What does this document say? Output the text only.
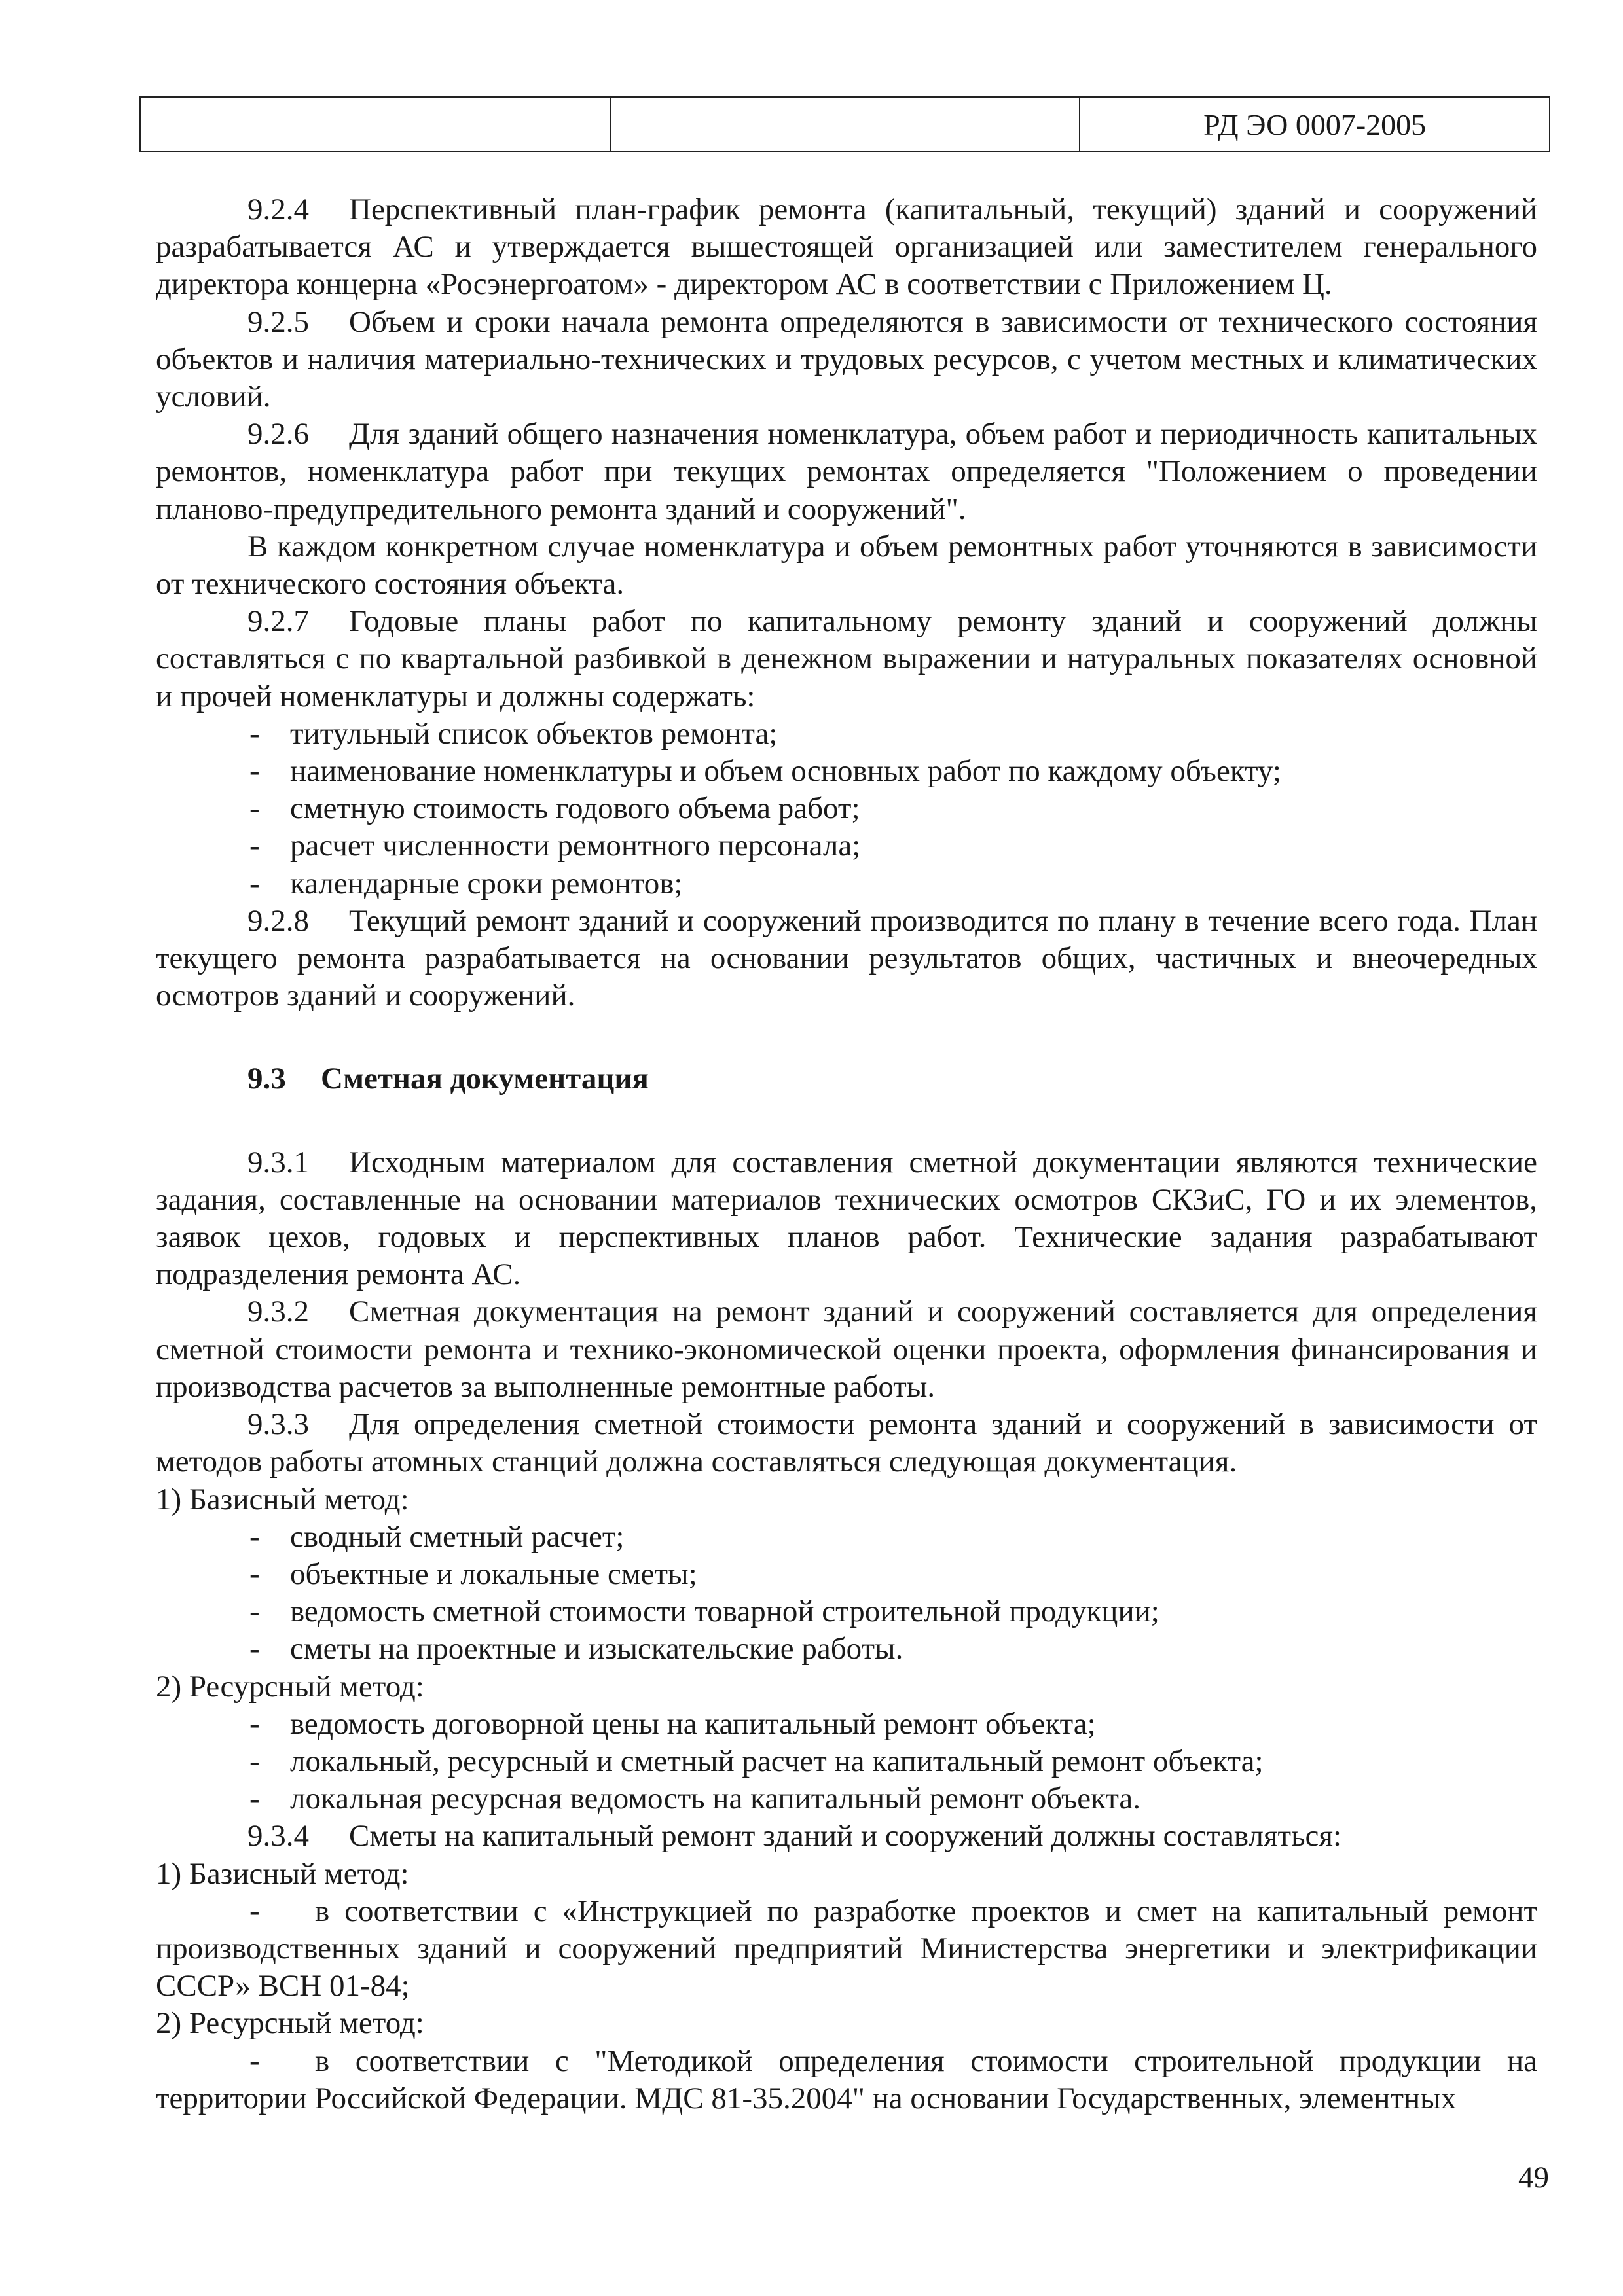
		РД ЭО 0007-2005

9.2.4 Перспективный план-график ремонта (капитальный, текущий) зданий и сооружений разрабатывается АС и утверждается вышестоящей организацией или заместителем генерального директора концерна «Росэнергоатом» - директором АС в соответствии с Приложением Ц.

9.2.5 Объем и сроки начала ремонта определяются в зависимости от технического состояния объектов и наличия материально-технических и трудовых ресурсов, с учетом местных и климатических условий.

9.2.6 Для зданий общего назначения номенклатура, объем работ и периодичность капитальных ремонтов, номенклатура работ при текущих ремонтах определяется "Положением о проведении планово-предупредительного ремонта зданий и сооружений".

В каждом конкретном случае номенклатура и объем ремонтных работ уточняются в зависимости от технического состояния объекта.

9.2.7 Годовые планы работ по капитальному ремонту зданий и сооружений должны составляться с по квартальной разбивкой в денежном выражении и натуральных показателях основной и прочей номенклатуры и должны содержать:

- титульный список объектов ремонта;
- наименование номенклатуры и объем основных работ по каждому объекту;
- сметную стоимость годового объема работ;
- расчет численности ремонтного персонала;
- календарные сроки ремонтов;

9.2.8 Текущий ремонт зданий и сооружений производится по плану в течение всего года. План текущего ремонта разрабатывается на основании результатов общих, частичных и внеочередных осмотров зданий и сооружений.

9.3 Сметная документация

9.3.1 Исходным материалом для составления сметной документации являются технические задания, составленные на основании материалов технических осмотров СКЗиС, ГО и их элементов, заявок цехов, годовых и перспективных планов работ. Технические задания разрабатывают подразделения ремонта АС.

9.3.2 Сметная документация на ремонт зданий и сооружений составляется для определения сметной стоимости ремонта и технико-экономической оценки проекта, оформления финансирования и производства расчетов за выполненные ремонтные работы.

9.3.3 Для определения сметной стоимости ремонта зданий и сооружений в зависимости от методов работы атомных станций должна составляться следующая документация.

1) Базисный метод:

- сводный сметный расчет;
- объектные и локальные сметы;
- ведомость сметной стоимости товарной строительной продукции;
- сметы на проектные и изыскательские работы.

2) Ресурсный метод:

- ведомость договорной цены на капитальный ремонт объекта;
- локальный, ресурсный и сметный расчет на капитальный ремонт объекта;
- локальная ресурсная ведомость на капитальный ремонт объекта.

9.3.4 Сметы на капитальный ремонт зданий и сооружений должны составляться:

1) Базисный метод:

- в соответствии с «Инструкцией по разработке проектов и смет на капитальный ремонт производственных зданий и сооружений предприятий Министерства энергетики и электрификации СССР» ВСН 01-84;

2) Ресурсный метод:

- в соответствии с "Методикой определения стоимости строительной продукции на территории Российской Федерации. МДС 81-35.2004" на основании Государственных, элементных

49
